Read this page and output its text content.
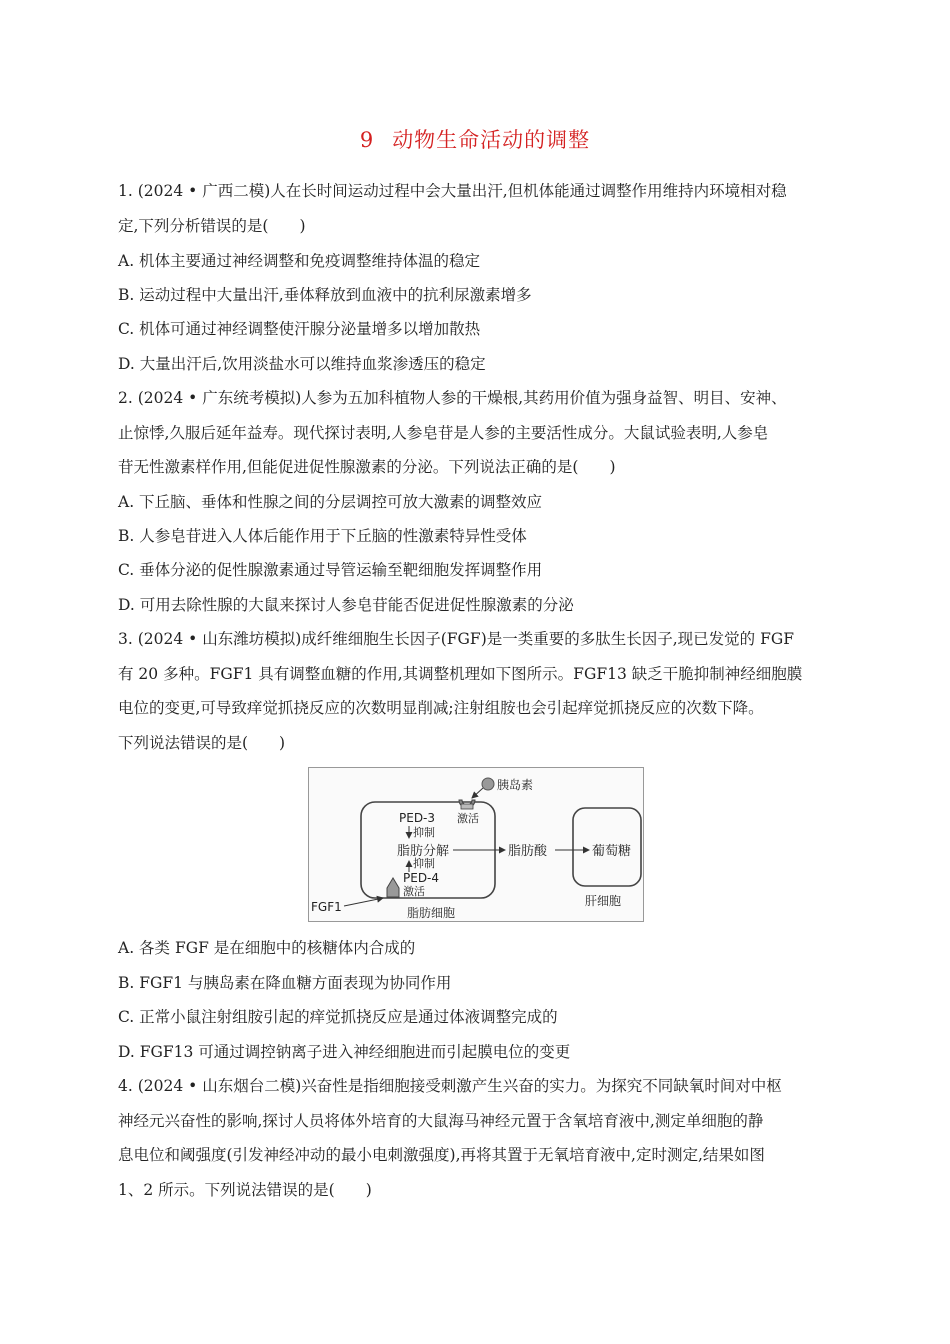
9 动物生命活动的调整
1. (2024 • 广西二模)人在长时间运动过程中会大量出汗,但机体能通过调整作用维持内环境相对稳
定,下列分析错误的是(　　)
A. 机体主要通过神经调整和免疫调整维持体温的稳定
B. 运动过程中大量出汗,垂体释放到血液中的抗利尿激素增多
C. 机体可通过神经调整使汗腺分泌量增多以增加散热
D. 大量出汗后,饮用淡盐水可以维持血浆渗透压的稳定
2. (2024 • 广东统考模拟)人参为五加科植物人参的干燥根,其药用价值为强身益智、明目、安神、
止惊悸,久服后延年益寿。现代探讨表明,人参皂苷是人参的主要活性成分。大鼠试验表明,人参皂
苷无性激素样作用,但能促进促性腺激素的分泌。下列说法正确的是(　　)
A. 下丘脑、垂体和性腺之间的分层调控可放大激素的调整效应
B. 人参皂苷进入人体后能作用于下丘脑的性激素特异性受体
C. 垂体分泌的促性腺激素通过导管运输至靶细胞发挥调整作用
D. 可用去除性腺的大鼠来探讨人参皂苷能否促进促性腺激素的分泌
3. (2024 • 山东潍坊模拟)成纤维细胞生长因子(FGF)是一类重要的多肽生长因子,现已发觉的 FGF
有 20 多种。FGF1 具有调整血糖的作用,其调整机理如下图所示。FGF13 缺乏干脆抑制神经细胞膜
电位的变更,可导致痒觉抓挠反应的次数明显削减;注射组胺也会引起痒觉抓挠反应的次数下降。
下列说法错误的是(　　)
胰岛素
激活
PED-3
抑制
脂肪分解
抑制
PED-4
激活
FGF1	脂肪细胞
脂肪酸	葡萄糖
肝细胞
A. 各类 FGF 是在细胞中的核糖体内合成的
B. FGF1 与胰岛素在降血糖方面表现为协同作用
C. 正常小鼠注射组胺引起的痒觉抓挠反应是通过体液调整完成的
D. FGF13 可通过调控钠离子进入神经细胞进而引起膜电位的变更
4. (2024 • 山东烟台二模)兴奋性是指细胞接受刺激产生兴奋的实力。为探究不同缺氧时间对中枢
神经元兴奋性的影响,探讨人员将体外培育的大鼠海马神经元置于含氧培育液中,测定单细胞的静
息电位和阈强度(引发神经冲动的最小电刺激强度),再将其置于无氧培育液中,定时测定,结果如图
1、2 所示。下列说法错误的是(　　)
